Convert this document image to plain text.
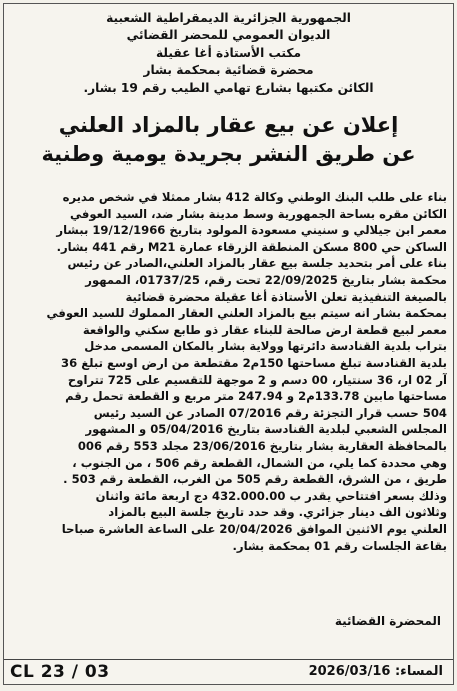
الجمهورية الجزائرية الديمقراطية الشعبية

الديوان العمومي للمحضر القضائي

مكتب الأستاذة أغا عقيلة

محضرة قضائية بمحكمة بشار

الكائن مكتبها بشارع تهامي الطيب رقم 19 بشار.

إعلان عن بيع عقار بالمزاد العلني

عن طريق النشر بجريدة يومية وطنية

بناء على طلب البنك الوطني وكالة 412 بشار ممثلا في شخص مديره

الكائن مقره بساحة الجمهورية وسط مدينة بشار ضد، السيد العوفي

معمر ابن جيلالي و سنيني مسعودة المولود بتاريخ 19/12/1966 ببشار

الساكن حي 800 مسكن المنطقة الزرقاء عمارة M21 رقم 441 بشار.

بناء على أمر بتحديد جلسة بيع عقار بالمزاد العلني،الصادر عن رئيس

محكمة بشار بتاريخ 22/09/2025 تحت رقم، 01737/25، الممهور

بالصيغة التنفيذية تعلن الأستاذة أغا عقيلة محضرة قضائية

بمحكمة بشار انه سيتم بيع بالمزاد العلني العقار المملوك للسيد العوفي

معمر لبيع قطعة ارض صالحة للبناء عقار ذو طابع سكني والواقعة

بتراب بلدية القنادسة دائرتها وولاية بشار بالمكان المسمى مدخل

بلدية القنادسة تبلغ مساحتها 150م2 مقتطعة من ارض اوسع تبلغ 36

آر 02 ار، 36 سنتيار، 00 دسم و 2 موجهة للتقسيم على 725 تتراوح

مساحتها مابين 133.78م2 و 247.94 متر مربع و القطعة تحمل رقم

504 حسب قرار التجزئة رقم 07/2016 الصادر عن السيد رئيس

المجلس الشعبي لبلدية القنادسة بتاريخ 05/04/2016 و المشهور

بالمحافظة العقارية بشار بتاريخ 23/06/2016 مجلد 553 رقم 006

وهي محددة كما يلي، من الشمال، القطعة رقم 506 ، من الجنوب ،

طريق ، من الشرق، القطعة رقم 505 من الغرب، القطعة رقم 503 .

وذلك بسعر افتتاحي يقدر ب 432.000.00 دج اربعة مائة واثنان

وثلاثون الف دينار جزائري. وقد حدد تاريخ جلسة البيع بالمزاد

العلني يوم الاثنين الموافق 20/04/2026 على الساعة العاشرة صباحا

بقاعة الجلسات رقم 01 بمحكمة بشار.

المحضرة القضائية

CL 23 / 03	المساء: 2026/03/16
